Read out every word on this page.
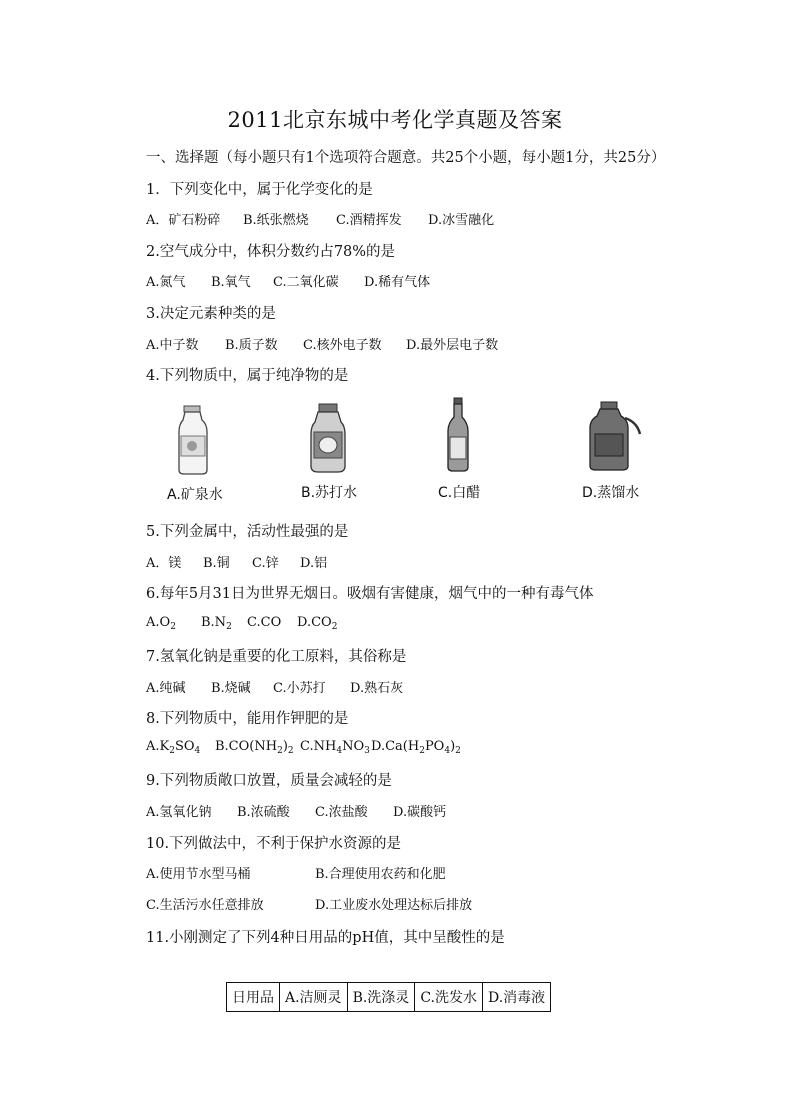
2011北京东城中考化学真题及答案
一、选择题（每小题只有1个选项符合题意。共25个小题，每小题1分，共25分）
1．下列变化中，属于化学变化的是
A．矿石粉碎 B.纸张燃烧 C.酒精挥发 D.冰雪融化
2.空气成分中，体积分数约占78%的是
A.氮气 B.氧气 C.二氧化碳 D.稀有气体
3.决定元素种类的是
A.中子数 B.质子数 C.核外电子数 D.最外层电子数
4.下列物质中，属于纯净物的是
A.矿泉水	B.苏打水	C.白醋	D.蒸馏水
5.下列金属中，活动性最强的是
A．镁 B.铜 C.锌 D.铝
6.每年5月31日为世界无烟日。吸烟有害健康，烟气中的一种有毒气体
$A.O_2$ $B.N_2$ C.CO $D.CO_2$
7.氢氧化钠是重要的化工原料，其俗称是
A.纯碱 B.烧碱 C.小苏打 D.熟石灰
8.下列物质中，能用作钾肥的是
$A.K_2SO_4$ $B.CO(NH_2)_2$ $C.NH_4NO_3$ $D.Ca(H_2PO_4)_2$
9.下列物质敞口放置，质量会减轻的是
A.氢氧化钠 B.浓硫酸 C.浓盐酸 D.碳酸钙
10.下列做法中，不利于保护水资源的是
A.使用节水型马桶	B.合理使用农药和化肥
C.生活污水任意排放	D.工业废水处理达标后排放
11.小刚测定了下列4种日用品的pH值，其中呈酸性的是
日用品	A.洁厕灵	B.洗涤灵	C.洗发水	D.消毒液
